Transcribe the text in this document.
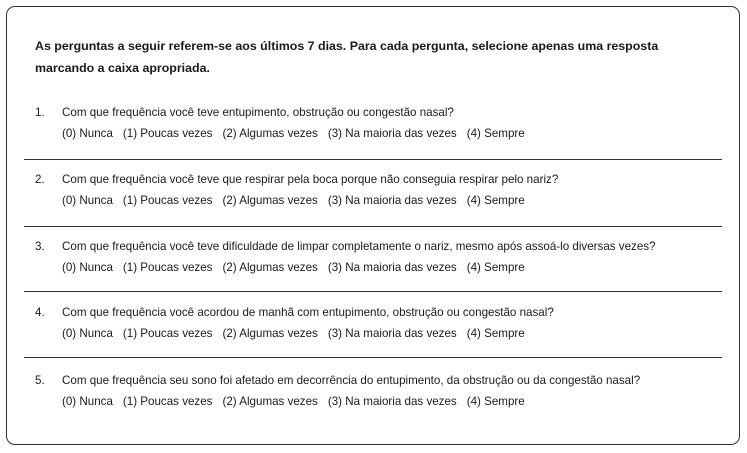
As perguntas a seguir referem-se aos últimos 7 dias. Para cada pergunta, selecione apenas uma resposta
marcando a caixa apropriada.

1. Com que frequência você teve entupimento, obstrução ou congestão nasal?
(0) Nunca (1) Poucas vezes (2) Algumas vezes (3) Na maioria das vezes (4) Sempre
2. Com que frequência você teve que respirar pela boca porque não conseguia respirar pelo nariz?
(0) Nunca (1) Poucas vezes (2) Algumas vezes (3) Na maioria das vezes (4) Sempre
3. Com que frequência você teve dificuldade de limpar completamente o nariz, mesmo após assoá-lo diversas vezes?
(0) Nunca (1) Poucas vezes (2) Algumas vezes (3) Na maioria das vezes (4) Sempre
4. Com que frequência você acordou de manhã com entupimento, obstrução ou congestão nasal?
(0) Nunca (1) Poucas vezes (2) Algumas vezes (3) Na maioria das vezes (4) Sempre
5. Com que frequência seu sono foi afetado em decorrência do entupimento, da obstrução ou da congestão nasal?
(0) Nunca (1) Poucas vezes (2) Algumas vezes (3) Na maioria das vezes (4) Sempre
